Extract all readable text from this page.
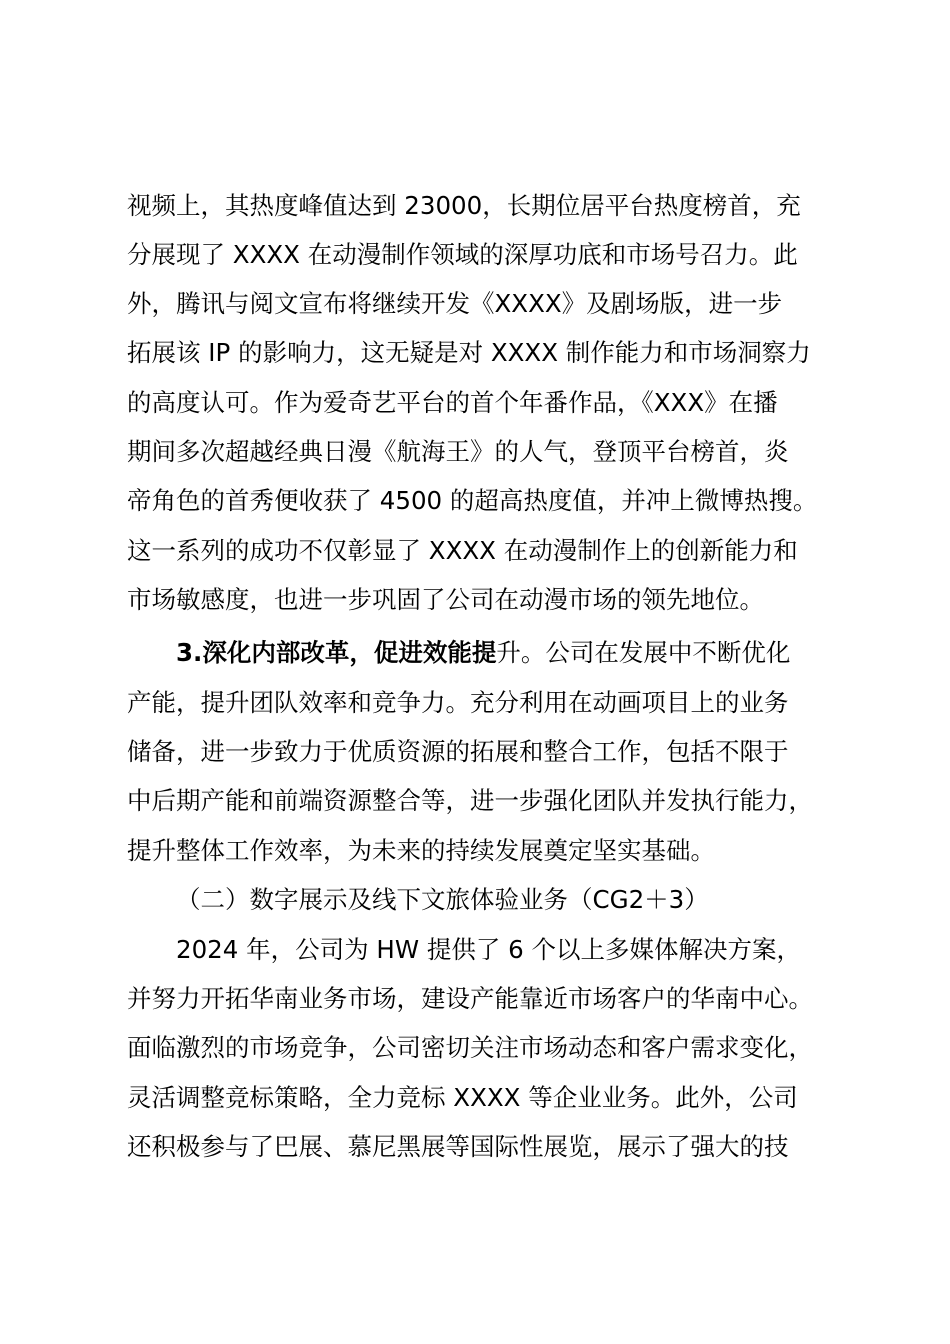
视频上，其热度峰值达到 23000，长期位居平台热度榜首，充
分展现了 XXXX 在动漫制作领域的深厚功底和市场号召力。此
外，腾讯与阅文宣布将继续开发《XXXX》及剧场版，进一步
拓展该 IP 的影响力，这无疑是对 XXXX 制作能力和市场洞察力
的高度认可。作为爱奇艺平台的首个年番作品，《XXX》在播
期间多次超越经典日漫《航海王》的人气，登顶平台榜首，炎
帝角色的首秀便收获了 4500 的超高热度值，并冲上微博热搜。
这一系列的成功不仅彰显了 XXXX 在动漫制作上的创新能力和
市场敏感度，也进一步巩固了公司在动漫市场的领先地位。
3.深化内部改革，促进效能提升。公司在发展中不断优化
产能，提升团队效率和竞争力。充分利用在动画项目上的业务
储备，进一步致力于优质资源的拓展和整合工作，包括不限于
中后期产能和前端资源整合等，进一步强化团队并发执行能力，
提升整体工作效率，为未来的持续发展奠定坚实基础。
（二）数字展示及线下文旅体验业务（CG2＋3）
2024 年，公司为 HW 提供了 6 个以上多媒体解决方案，
并努力开拓华南业务市场，建设产能靠近市场客户的华南中心。
面临激烈的市场竞争，公司密切关注市场动态和客户需求变化，
灵活调整竞标策略，全力竞标 XXXX 等企业业务。此外，公司
还积极参与了巴展、慕尼黑展等国际性展览，展示了强大的技
